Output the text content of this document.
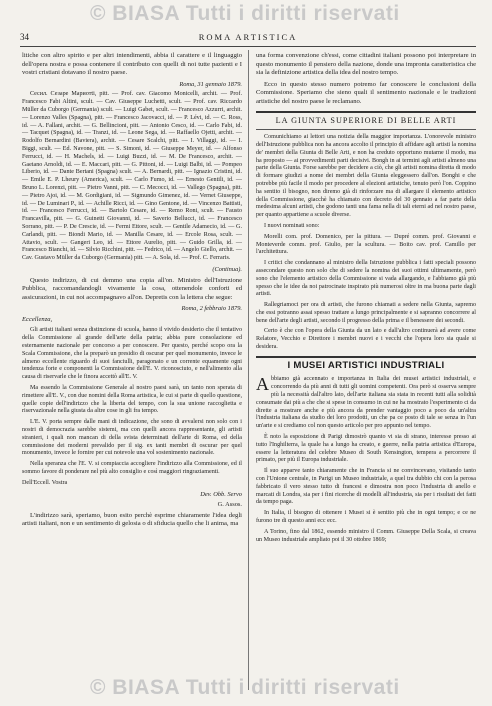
© BIASA Tutti i diritti riservati
34	ROMA ARTISTICA

litiche con altro spirito e per altri intendimenti, abbia il carattere e il linguaggio dell'opera nostra e possa contenere il contributo con quelli di noi tutte pazienti e I vostri cristiani dotavano il nostro paese.

Roma, 31 gennaio 1879.

Сесил. Сезаре Мариотti, pitt. — Prof. cav. Giacomo Monicelli, archit. — Prof. Francesco Fabi Altini, scult. — Cav. Giuseppe Luchetti, scult. — Prof. cav. Riccardo Müller da Cuborgo (Germania) scult. — Luigi Gabet, scult. — Francesco Azzurri, archit. — Lorenzo Valles (Spagna), pitt. — Francesco Jacovacci, id. — P. Lévi, id. — C. Ross, id. — A. Fallani, archit. — G. Bellincioni, pitt. — Antonio Cesco, id. — Carlo Fabi, id. — Tacquet (Spagna), id. — Tranzi, id. — Leone Sega, id. — Raffaello Ojetti, archit. — Rodolfo Bernardini (Baviera), archit. — Cesare Scalchi, pitt. — I. Villaggi, id. — I. Biggi, scult. — Ed. Navone, pitt. — S. Simoni, id. — Giuseppe Meyer, id. — Alfonso Ferrucci, id. — H. Machels, id. — Luigi Buzzi, id. — M. De Francesco, archit. — Gaetano Arnoldi, id. — E. Maccari, pitt. — G. Pittoni, id. — Luigi Balbi, id. — Pompeo Liberio, id. — Dante Bertani (Spagna) scult. — A. Bernardi, pitt. — Ignazio Cristini, id. — Emile E. P. Lheury (America), scult. — Carlo Fumo, id. — Ernesto Gentili, id. — Bruno L. Lorenzi, pitt. — Pietro Vanni, pitt. — C. Mecocci, id. — Vallego (Spagna), pitt. — Pietro Ajoi, id. — M. Gordigiani, id. — Sigmundo Gimenez, id. — Vernet Giuseppe, id. — De Luminari P., id. — Achille Ricci, id. — Gino Gentone, id. — Vincenzo Battisti, id. — Francesco Ferrucci, id. — Bartolo Cesare, id. — Remo Roni, scult. — Fausto Francavilla, pitt. — G. Guinetti Giovanni, id. — Saverio Bellucci, id. — Francesco Sorrano, pitt. — P. De Crescie, id. — Fermi Ettore, scult. — Gentile Adamecio, id. — G. Carlandi, pitt. — Biondi Mario, id. — Manilla Cesare, id. — Ercole Rosa, scult. — Attavio, scult. — Gangeri Leo, id. — Ettore Aurelio, pitt. — Guido Grilla, id. — Francesco Bianchi, id. — Silvio Ricchini, pitt. — Fedrico, id. — Angelo Giello, archit. — Cav. Gustavo Müller da Cuborgo (Germania) pitt. — A. Sola, id. — Prof. C. Ferraris.

(Continua).

Questo indirizzo, di cui demmo una copia all'on. Ministro dell'Istruzione Pubblica, raccomandandogli vivamente la cosa, ottenendole conforti ed assicurazioni, in cui noi accompagnavo all'on. Depretis con la lettera che segue:

Roma, 2 febbraio 1879.

Eccellenza,

Gli artisti italiani senza distinzione di scuola, hanno il vivido desiderio che il tentativo della Commissione al grande dell'arte della patria; abbia pure consolazione ed esternamente nazionale per concorso a per conoscere. Per questo, perché scopo ora la Scala Commissione, che la preparò un presidio di oscurar per quel monumento, invece le almeno eccellente riguardo di suoi fanciulli, paragonato e un corrente equamente ogni tendenza forte e componenti la Commissione dell'E. V. riconosciuto, e nell'alimento alla causa di riservarle che le finora accettò all'E. V.

Ma essendo la Commissione Generale al nostro paesi sarà, un tanto non sperata di rimettere all'E. V., con due nomini della Roma artistica, le cui si parte di quello questione, quelle copie dell'indirizzo che la liberta del tempo, con la sua unione raccoglietta e riservazionale nella giusta da altre cose in gli fra tempo.

L'E. V. porta sempre dalle mani di indicazione, che sono di avvalersi non solo con i nostri di democrazia sarebbe sistemi, ma con quelli ancora rappresentante, gli artisti stranieri, i quali non mancan di della svista determinati dell'arte di Roma, ed della commissione dei moderni prevalido per il sig. ex tanti membri di oscurar per quel monumento, invece le fornire per cui notevole una vol sostenimento nazionale.

Nella speranza che l'E. V. si compiaccia accogliere l'indirizzo alla Commissione, ed il sommo favore di ponderare nel più alto consiglio e così maggiori ringraziamenti.

Dell'Eccell. Vostra

Dev. Obb. Servo
G. Assos.

L'indirizzo sarà, speriamo, buon esito perchè esprime chiaramente l'idea degli artisti italiani, non e un sentimento di gelosia o di sfiducia quello che li anima, ma

una forma convenzione ch'essi, come cittadini italiani possono poi interpretare in questo monumento il pensiero della nazione, donde una impronta caratteristica che sia la definizione artistica della idea del nostro tempo.

Ecco in questo stesso numero potremo far conoscere le conclusioni della Commissione. Speriamo che sieno quali il sentimento nazionale e le tradizioni artistiche del nostro paese le reclamano.

LA GIUNTA SUPERIORE DI BELLE ARTI

Comunichiamo ai lettori una notizia della maggior importanza. L'onorevole ministro dell'Istruzione pubblica non ha ancora accolto il principio di affidare agli artisti la nomina de' membri della Giunta di Belle Arti, e non ha creduto opportuno mutarne il modo, ma ha proposto — ai provvedimenti parti decisivi. Bongh in ai termini agli artisti almeno una parte della Giunta. Forse sarebbe per decidere a ciò, che gli artisti nomina diretta di modo di formare giudizi a nome dei membri della Giunta eleggessero dall'on. Bonghi e che potrebbe più facile il modo per procedere al elezioni artistiche, tenuto però l'on. Coppino ha sentito il bisogno, non diremo già di rinforzare ma di allargare il elemento artistico della Commissione, giacchè ha chiamato con decreto del 30 gennaio a far parte della medesima alcuni artisti, che godono tanti una fama nella di tali eterni ad nel nostro paese, per quanto appartiene a scuole diverse.

I nuovi nominati sono:

Morelli com. prof. Domenico, per la pittura. — Dupré comm. prof. Giovanni e Monteverde comm. prof. Giulio, per la scultura. — Boito cav. prof. Camillo per l'architettura.

I critici che condannano al ministro della Istruzione pubblica i fatti speciali possono assecondare questo non solo che di sedere la nomina dei suoi ottimi ultimamente, però sono che l'elemento artistico della Commissione si vada allargando, e l'abbiamo già più spesso che le idee da noi patrocinate inspirato più numerosi oltre in ma buona parte dagli artisti.

Rallegriamoci per ora di artisti, che furono chiamati a sedere nella Giunta, sapremo che essi potranno assai spesso trattare a lungo principalmente e si sapranno concorrere al bene dell'arte degli artisti, secondo il progresso della prima e il benessere dei secondi.

Certo è che con l'opera della Giunta da un lato e dall'altro continuerà ad avere come Relatore, Vecchio e Direttore i membri nuovi e i vecchi che l'opera loro sia quale si desidera.

I MUSEI ARTISTICI INDUSTRIALI

Abbiamo già accennato e importanza in Italia dei musei artistici industriali, e concorrendo da più anni di tutti gli uomini competenti. Ora però si osserva sempre più la necessità dall'altro lato, dell'arte italiana sia stata in recenti tutti alla solidità consumate dai più a che che si spese in consumo in cui ne ha mostrato l'esperimento ci da dirette a mostrare anche e più ancora da prender vantaggio poco a poco da un'altra l'industria italiana da studio dei loro prodotti, un che pa ce posto di tale se senza in l'un un'arte e si crediamo col non questo articolo per pro appunto nel tempo.

È noto la esposizione di Parigi dimostrò quanto vi sia di strano, interesse presso ai tutto l'Inghilterra, la quale ha a lungo ha creato, e guerre, nella patria artistica d'Europa, essere la letteratura del celebre Museo di South Kensington, tempera a percorrere il primato, per più il Europa industriale.

Il suo apparve tanto chiaramente che in Francia si ne convincevano, visitando tanto con l'Unione centrale, in Parigi un Museo industriale, a quel tra dubbio chi con la perosa fabbricato il vero stesso tutto di francesi e dimostra non poco l'industria di anello e marcati di Londra, sia per i fini ricerche di modelli all'industria, sia per i risultati dei fatti da tempo paga.

In Italia, il bisogno di ottenere i Musei si è sentito più che in ogni tempo; e ce ne furono tre di questo anni ecc ecc.

A Torino, fino dal 1862, essendo ministro il Comm. Giuseppe Della Scala, si creava un Museo industriale ampliato poi il 30 ottobre 1869;

© BIASA Tutti i diritti riservati
